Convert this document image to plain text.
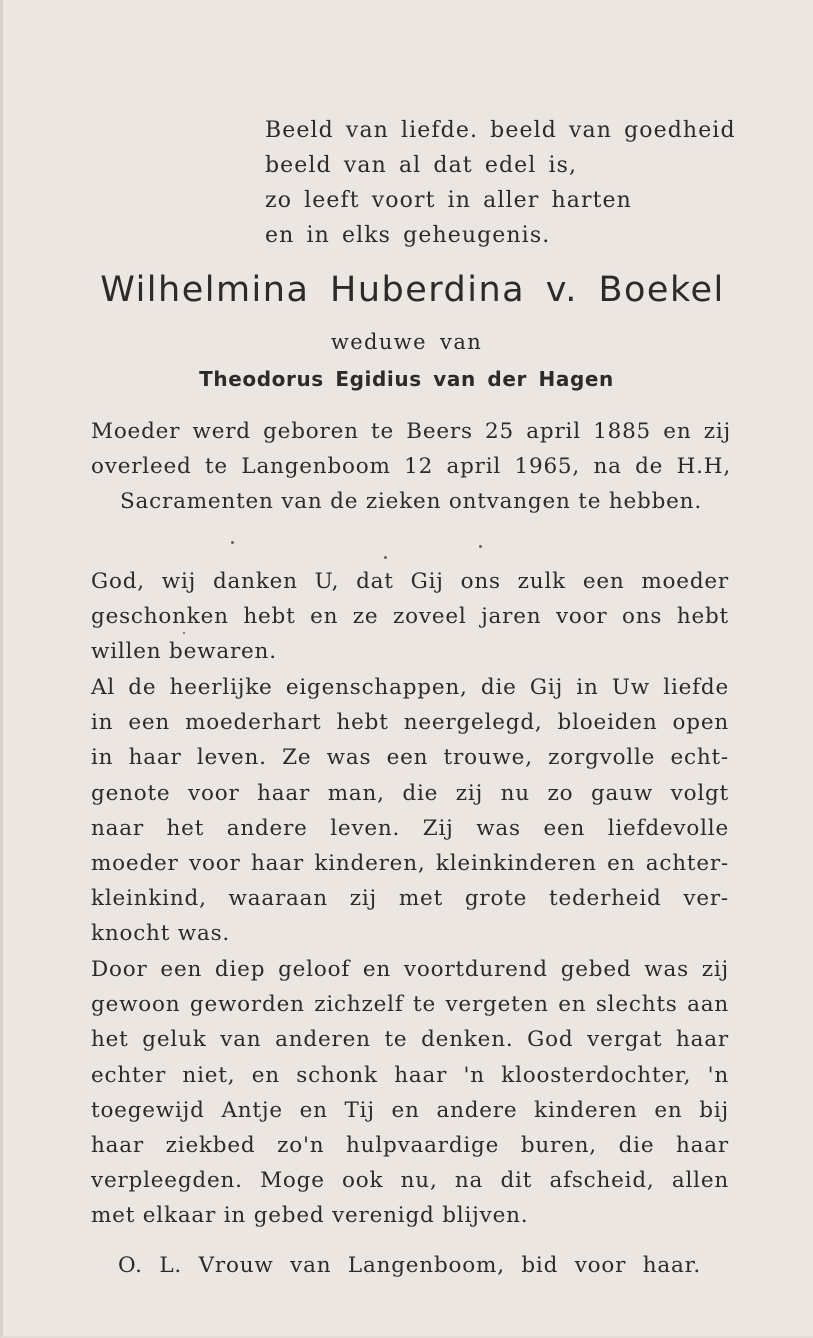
Beeld van liefde. beeld van goedheid
beeld van al dat edel is,
zo leeft voort in aller harten
en in elks geheugenis.
Wilhelmina Huberdina v. Boekel
weduwe van
Theodorus Egidius van der Hagen
Moeder werd geboren te Beers 25 april 1885 en zij
overleed te Langenboom 12 april 1965, na de H.H,
Sacramenten van de zieken ontvangen te hebben.
God, wij danken U, dat Gij ons zulk een moeder
geschonken hebt en ze zoveel jaren voor ons hebt
willen bewaren.
Al de heerlijke eigenschappen, die Gij in Uw liefde
in een moederhart hebt neergelegd, bloeiden open
in haar leven. Ze was een trouwe, zorgvolle echt-
genote voor haar man, die zij nu zo gauw volgt
naar het andere leven. Zij was een liefdevolle
moeder voor haar kinderen, kleinkinderen en achter-
kleinkind, waaraan zij met grote tederheid ver-
knocht was.
Door een diep geloof en voortdurend gebed was zij
gewoon geworden zichzelf te vergeten en slechts aan
het geluk van anderen te denken. God vergat haar
echter niet, en schonk haar 'n kloosterdochter, 'n
toegewijd Antje en Tij en andere kinderen en bij
haar ziekbed zo'n hulpvaardige buren, die haar
verpleegden. Moge ook nu, na dit afscheid, allen
met elkaar in gebed verenigd blijven.
O. L. Vrouw van Langenboom, bid voor haar.
